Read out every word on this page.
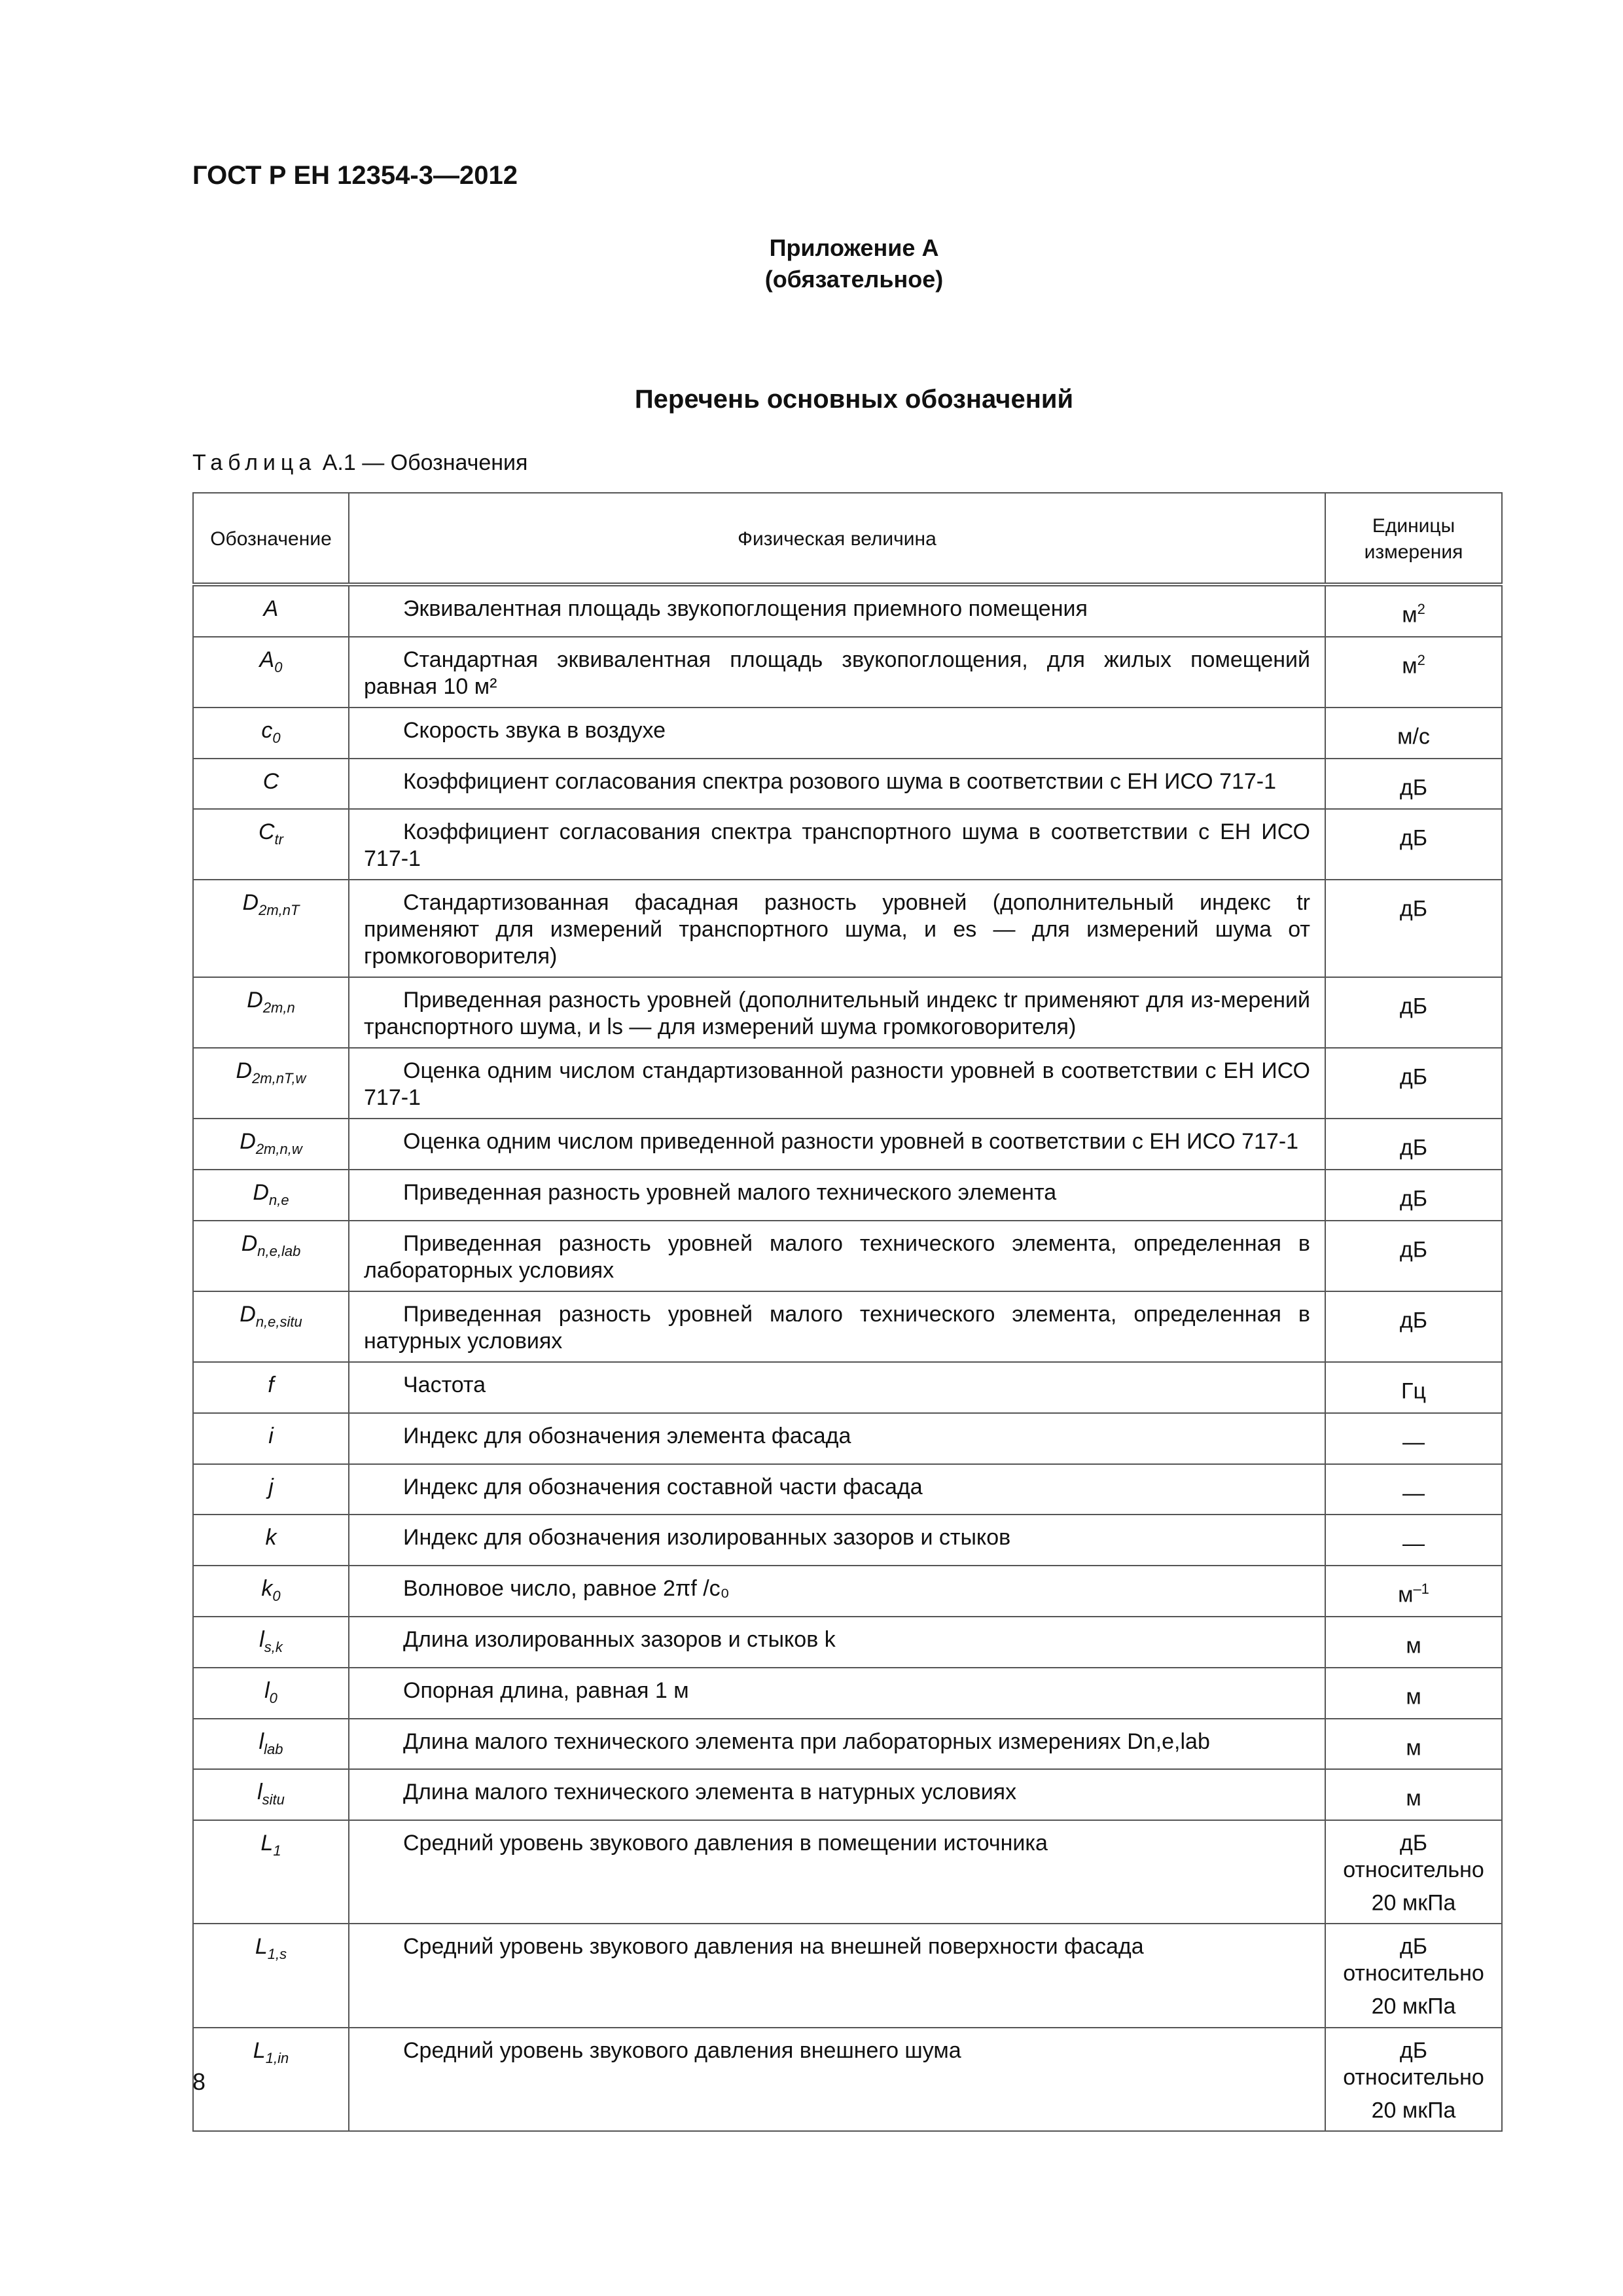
ГОСТ Р ЕН 12354-3—2012
Приложение А
(обязательное)
Перечень основных обозначений

Таблица А.1 — Обозначения

Обозначение	Физическая величина	Единицы измерения
A	Эквивалентная площадь звукопоглощения приемного помещения	$м^2$
$A_0$	Стандартная эквивалентная площадь звукопоглощения, для жилых помещений равная 10 м²	$м^2$
$c_0$	Скорость звука в воздухе	м/с
C	Коэффициент согласования спектра розового шума в соответствии с ЕН ИСО 717-1	дБ
$C_{tr}$	Коэффициент согласования спектра транспортного шума в соответствии с ЕН ИСО 717-1	дБ
$D_{2m,nT}$	Стандартизованная фасадная разность уровней (дополнительный индекс tr применяют для измерений транспортного шума, и es — для измерений шума от громкоговорителя)	дБ
$D_{2m,n}$	Приведенная разность уровней (дополнительный индекс tr применяют для из-мерений транспортного шума, и ls — для измерений шума громкоговорителя)	дБ
$D_{2m,nT,w}$	Оценка одним числом стандартизованной разности уровней в соответствии с ЕН ИСО 717-1	дБ
$D_{2m,n,w}$	Оценка одним числом приведенной разности уровней в соответствии с ЕН ИСО 717-1	дБ
$D_{n,e}$	Приведенная разность уровней малого технического элемента	дБ
$D_{n,e,lab}$	Приведенная разность уровней малого технического элемента, определенная в лабораторных условиях	дБ
$D_{n,e,situ}$	Приведенная разность уровней малого технического элемента, определенная в натурных условиях	дБ
f	Частота	Гц
i	Индекс для обозначения элемента фасада	—
j	Индекс для обозначения составной части фасада	—
k	Индекс для обозначения изолированных зазоров и стыков	—
$k_0$	Волновое число, равное 2πf /c₀	$м^{-1}$
$l_{s,k}$	Длина изолированных зазоров и стыков k	м
$l_0$	Опорная длина, равная 1 м	м
$l_{lab}$	Длина малого технического элемента при лабораторных измерениях Dn,e,lab	м
$l_{situ}$	Длина малого технического элемента в натурных условиях	м
$L_1$	Средний уровень звукового давления в помещении источника	дБ относительно 20 мкПа
$L_{1,s}$	Средний уровень звукового давления на внешней поверхности фасада	дБ относительно 20 мкПа
$L_{1,in}$	Средний уровень звукового давления внешнего шума	дБ относительно 20 мкПа

8
